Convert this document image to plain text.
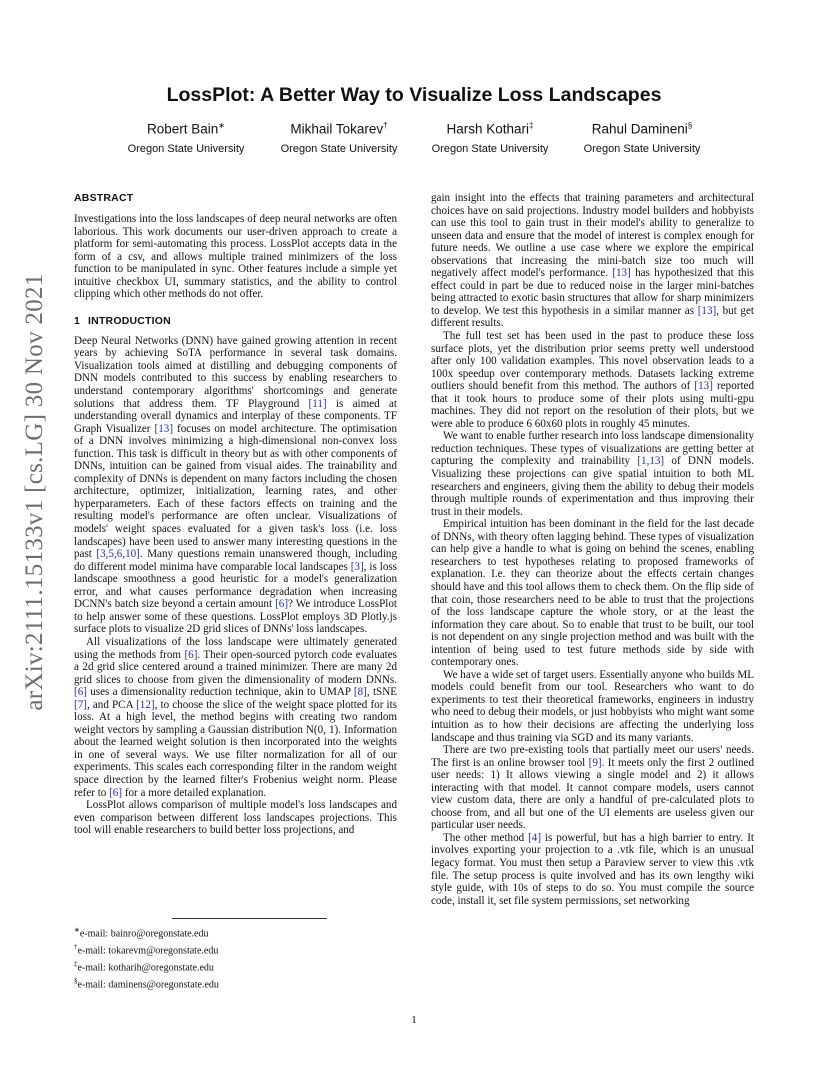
arXiv:2111.15133v1 [cs.LG] 30 Nov 2021
LossPlot: A Better Way to Visualize Loss Landscapes
Robert Bain∗
Oregon State University
Mikhail Tokarev†
Oregon State University
Harsh Kothari‡
Oregon State University
Rahul Damineni§
Oregon State University
ABSTRACT

Investigations into the loss landscapes of deep neural networks are often laborious. This work documents our user-driven approach to create a platform for semi-automating this process. LossPlot accepts data in the form of a csv, and allows multiple trained minimizers of the loss function to be manipulated in sync. Other features include a simple yet intuitive checkbox UI, summary statistics, and the ability to control clipping which other methods do not offer.

1 INTRODUCTION

Deep Neural Networks (DNN) have gained growing attention in recent years by achieving SoTA performance in several task domains. Visualization tools aimed at distilling and debugging components of DNN models contributed to this success by enabling researchers to understand contemporary algorithms' shortcomings and generate solutions that address them. TF Playground [11] is aimed at understanding overall dynamics and interplay of these components. TF Graph Visualizer [13] focuses on model architecture. The optimisation of a DNN involves minimizing a high-dimensional non-convex loss function. This task is difficult in theory but as with other components of DNNs, intuition can be gained from visual aides. The trainability and complexity of DNNs is dependent on many factors including the chosen architecture, optimizer, initialization, learning rates, and other hyperparameters. Each of these factors effects on training and the resulting model's performance are often unclear. Visualizations of models' weight spaces evaluated for a given task's loss (i.e. loss landscapes) have been used to answer many interesting questions in the past [3,5,6,10]. Many questions remain unanswered though, including do different model minima have comparable local landscapes [3], is loss landscape smoothness a good heuristic for a model's generalization error, and what causes performance degradation when increasing DCNN's batch size beyond a certain amount [6]? We introduce LossPlot to help answer some of these questions. LossPlot employs 3D Plotly.js surface plots to visualize 2D grid slices of DNNs' loss landscapes.

All visualizations of the loss landscape were ultimately generated using the methods from [6]. Their open-sourced pytorch code evaluates a 2d grid slice centered around a trained minimizer. There are many 2d grid slices to choose from given the dimensionality of modern DNNs. [6] uses a dimensionality reduction technique, akin to UMAP [8], tSNE [7], and PCA [12], to choose the slice of the weight space plotted for its loss. At a high level, the method begins with creating two random weight vectors by sampling a Gaussian distribution N(0, 1). Information about the learned weight solution is then incorporated into the weights in one of several ways. We use filter normalization for all of our experiments. This scales each corresponding filter in the random weight space direction by the learned filter's Frobenius weight norm. Please refer to [6] for a more detailed explanation.

LossPlot allows comparison of multiple model's loss landscapes and even comparison between different loss landscapes projections. This tool will enable researchers to build better loss projections, and

gain insight into the effects that training parameters and architectural choices have on said projections. Industry model builders and hobbyists can use this tool to gain trust in their model's ability to generalize to unseen data and ensure that the model of interest is complex enough for future needs. We outline a use case where we explore the empirical observations that increasing the mini-batch size too much will negatively affect model's performance. [13] has hypothesized that this effect could in part be due to reduced noise in the larger mini-batches being attracted to exotic basin structures that allow for sharp minimizers to develop. We test this hypothesis in a similar manner as [13], but get different results.

The full test set has been used in the past to produce these loss surface plots, yet the distribution prior seems pretty well understood after only 100 validation examples. This novel observation leads to a 100x speedup over contemporary methods. Datasets lacking extreme outliers should benefit from this method. The authors of [13] reported that it took hours to produce some of their plots using multi-gpu machines. They did not report on the resolution of their plots, but we were able to produce 6 60x60 plots in roughly 45 minutes.

We want to enable further research into loss landscape dimensionality reduction techniques. These types of visualizations are getting better at capturing the complexity and trainability [1,13] of DNN models. Visualizing these projections can give spatial intuition to both ML researchers and engineers, giving them the ability to debug their models through multiple rounds of experimentation and thus improving their trust in their models.

Empirical intuition has been dominant in the field for the last decade of DNNs, with theory often lagging behind. These types of visualization can help give a handle to what is going on behind the scenes, enabling researchers to test hypotheses relating to proposed frameworks of explanation. I.e. they can theorize about the effects certain changes should have and this tool allows them to check them. On the flip side of that coin, those researchers need to be able to trust that the projections of the loss landscape capture the whole story, or at the least the information they care about. So to enable that trust to be built, our tool is not dependent on any single projection method and was built with the intention of being used to test future methods side by side with contemporary ones.

We have a wide set of target users. Essentially anyone who builds ML models could benefit from our tool. Researchers who want to do experiments to test their theoretical frameworks, engineers in industry who need to debug their models, or just hobbyists who might want some intuition as to how their decisions are affecting the underlying loss landscape and thus training via SGD and its many variants.

There are two pre-existing tools that partially meet our users' needs. The first is an online browser tool [9]. It meets only the first 2 outlined user needs: 1) It allows viewing a single model and 2) it allows interacting with that model. It cannot compare models, users cannot view custom data, there are only a handful of pre-calculated plots to choose from, and all but one of the UI elements are useless given our particular user needs.

The other method [4] is powerful, but has a high barrier to entry. It involves exporting your projection to a .vtk file, which is an unusual legacy format. You must then setup a Paraview server to view this .vtk file. The setup process is quite involved and has its own lengthy wiki style guide, with 10s of steps to do so. You must compile the source code, install it, set file system permissions, set networking

∗e-mail: bainro@oregonstate.edu
†e-mail: tokarevm@oregonstate.edu
‡e-mail: kotharih@oregonstate.edu
§e-mail: daminens@oregonstate.edu
1
